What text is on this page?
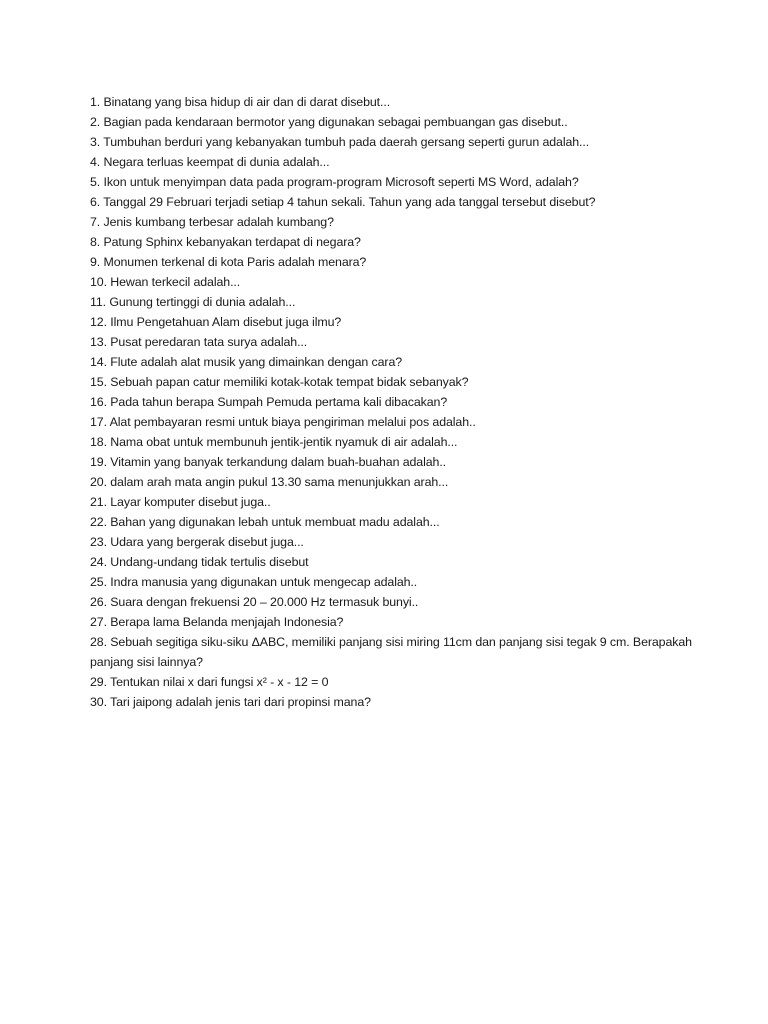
1. Binatang yang bisa hidup di air dan di darat disebut...
2. Bagian pada kendaraan bermotor yang digunakan sebagai pembuangan gas disebut..
3. Tumbuhan berduri yang kebanyakan tumbuh pada daerah gersang seperti gurun adalah...
4. Negara terluas keempat di dunia adalah...
5. Ikon untuk menyimpan data pada program-program Microsoft seperti MS Word, adalah?
6. Tanggal 29 Februari terjadi setiap 4 tahun sekali. Tahun yang ada tanggal tersebut disebut?
7. Jenis kumbang terbesar adalah kumbang?
8. Patung Sphinx kebanyakan terdapat di negara?
9. Monumen terkenal di kota Paris adalah menara?
10. Hewan terkecil adalah...
11. Gunung tertinggi di dunia adalah...
12. Ilmu Pengetahuan Alam disebut juga ilmu?
13. Pusat peredaran tata surya adalah...
14. Flute adalah alat musik yang dimainkan dengan cara?
15. Sebuah papan catur memiliki kotak-kotak tempat bidak sebanyak?
16. Pada tahun berapa Sumpah Pemuda pertama kali dibacakan?
17. Alat pembayaran resmi untuk biaya pengiriman melalui pos adalah..
18. Nama obat untuk membunuh jentik-jentik nyamuk di air adalah...
19. Vitamin yang banyak terkandung dalam buah-buahan adalah..
20. dalam arah mata angin pukul 13.30 sama menunjukkan arah...
21. Layar komputer disebut juga..
22. Bahan yang digunakan lebah untuk membuat madu adalah...
23. Udara yang bergerak disebut juga...
24. Undang-undang tidak tertulis disebut
25. Indra manusia yang digunakan untuk mengecap adalah..
26. Suara dengan frekuensi 20 – 20.000 Hz termasuk bunyi..
27. Berapa lama Belanda menjajah Indonesia?
28. Sebuah segitiga siku-siku ΔABC, memiliki panjang sisi miring 11cm dan panjang sisi tegak 9 cm. Berapakah panjang sisi lainnya?
29. Tentukan nilai x dari fungsi x² - x - 12 = 0
30. Tari jaipong adalah jenis tari dari propinsi mana?
